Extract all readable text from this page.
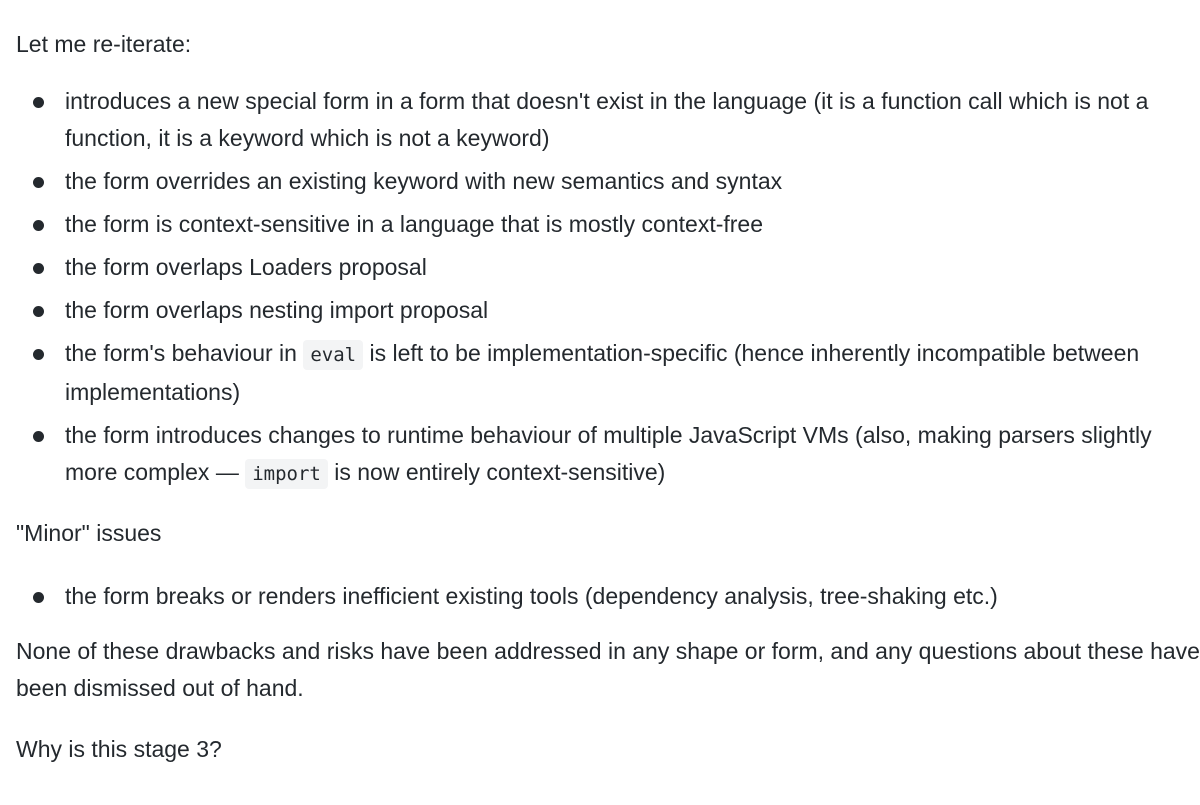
Let me re-iterate:

introduces a new special form in a form that doesn't exist in the language (it is a function call which is not a function, it is a keyword which is not a keyword)
the form overrides an existing keyword with new semantics and syntax
the form is context-sensitive in a language that is mostly context-free
the form overlaps Loaders proposal
the form overlaps nesting import proposal
the form's behaviour in eval is left to be implementation-specific (hence inherently incompatible between implementations)
the form introduces changes to runtime behaviour of multiple JavaScript VMs (also, making parsers slightly more complex — import is now entirely context-sensitive)

"Minor" issues

the form breaks or renders inefficient existing tools (dependency analysis, tree-shaking etc.)

None of these drawbacks and risks have been addressed in any shape or form, and any questions about these have been dismissed out of hand.

Why is this stage 3?
